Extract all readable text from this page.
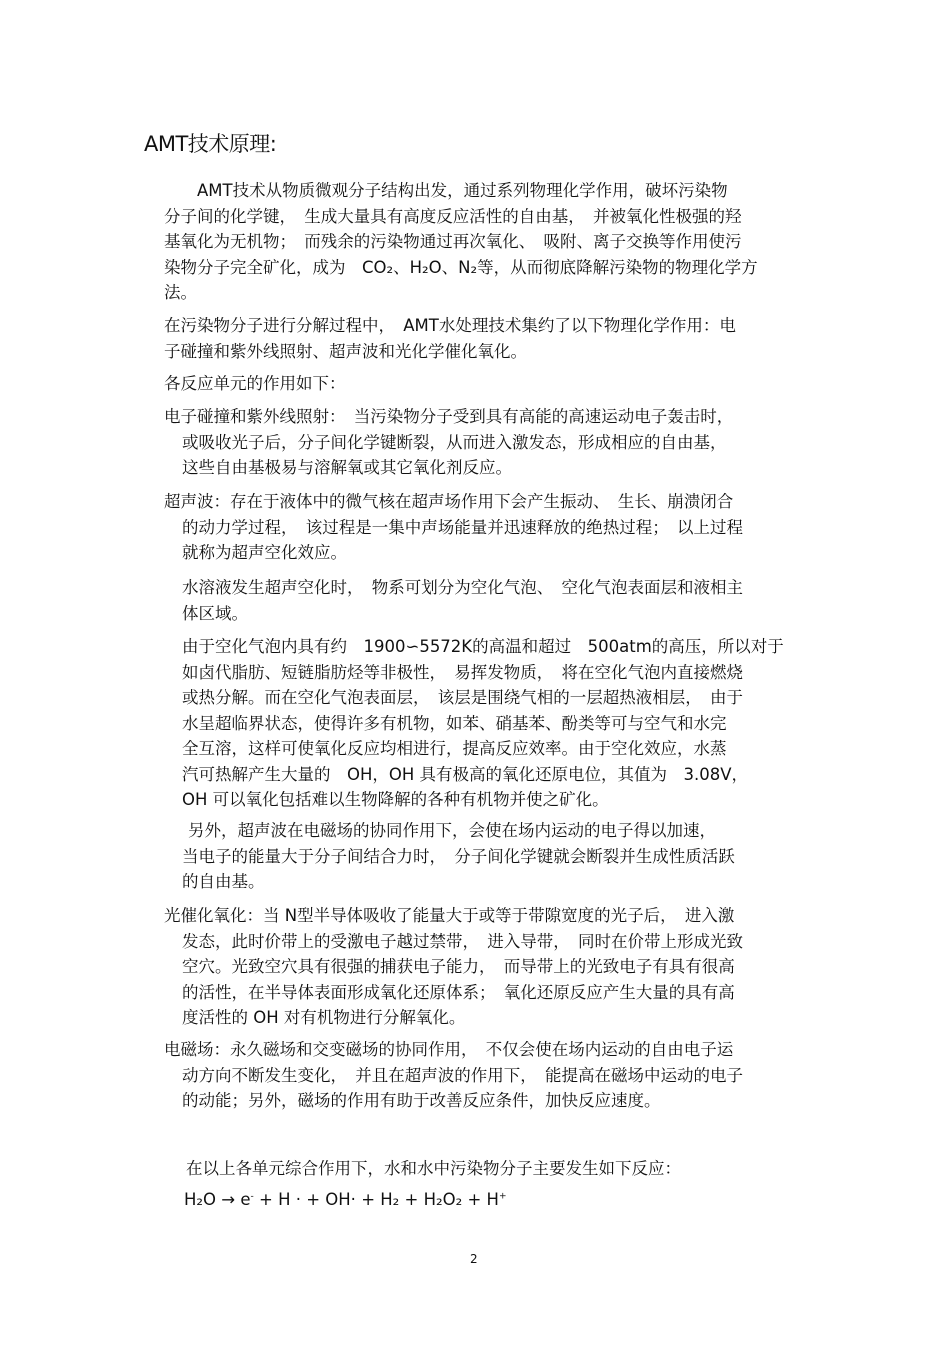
AMT技术原理:
　　AMT技术从物质微观分子结构出发，通过系列物理化学作用，破坏污染物
分子间的化学键，　生成大量具有高度反应活性的自由基，　并被氧化性极强的羟
基氧化为无机物；　而残余的污染物通过再次氧化、　吸附、离子交换等作用使污
染物分子完全矿化，成为　CO₂、H₂O、N₂等，从而彻底降解污染物的物理化学方
法。
在污染物分子进行分解过程中，　AMT水处理技术集约了以下物理化学作用：电
子碰撞和紫外线照射、超声波和光化学催化氧化。
各反应单元的作用如下：
电子碰撞和紫外线照射：　当污染物分子受到具有高能的高速运动电子轰击时，
或吸收光子后，分子间化学键断裂，从而进入激发态，形成相应的自由基，
这些自由基极易与溶解氧或其它氧化剂反应。
超声波：存在于液体中的微气核在超声场作用下会产生振动、　生长、崩溃闭合
的动力学过程，　该过程是一集中声场能量并迅速释放的绝热过程；　以上过程
就称为超声空化效应。
水溶液发生超声空化时，　物系可划分为空化气泡、　空化气泡表面层和液相主
体区域。
由于空化气泡内具有约　1900∽5572K的高温和超过　500atm的高压，所以对于
如卤代脂肪、短链脂肪烃等非极性，　易挥发物质，　将在空化气泡内直接燃烧
或热分解。而在空化气泡表面层，　该层是围绕气相的一层超热液相层，　由于
水呈超临界状态，使得许多有机物，如苯、硝基苯、酚类等可与空气和水完
全互溶，这样可使氧化反应均相进行，提高反应效率。由于空化效应，水蒸
汽可热解产生大量的　OH，OH 具有极高的氧化还原电位，其值为　3.08V，
OH 可以氧化包括难以生物降解的各种有机物并使之矿化。
另外，超声波在电磁场的协同作用下，会使在场内运动的电子得以加速，
当电子的能量大于分子间结合力时，　分子间化学键就会断裂并生成性质活跃
的自由基。
光催化氧化：当 N型半导体吸收了能量大于或等于带隙宽度的光子后，　进入激
发态，此时价带上的受激电子越过禁带，　进入导带，　同时在价带上形成光致
空穴。光致空穴具有很强的捕获电子能力，　而导带上的光致电子有具有很高
的活性，在半导体表面形成氧化还原体系；　氧化还原反应产生大量的具有高
度活性的 OH 对有机物进行分解氧化。
电磁场：永久磁场和交变磁场的协同作用，　不仅会使在场内运动的自由电子运
动方向不断发生变化，　并且在超声波的作用下，　能提高在磁场中运动的电子
的动能；另外，磁场的作用有助于改善反应条件，加快反应速度。
在以上各单元综合作用下，水和水中污染物分子主要发生如下反应：
H₂O → e- + H · + OH· + H₂ + H₂O₂ + H+
2
